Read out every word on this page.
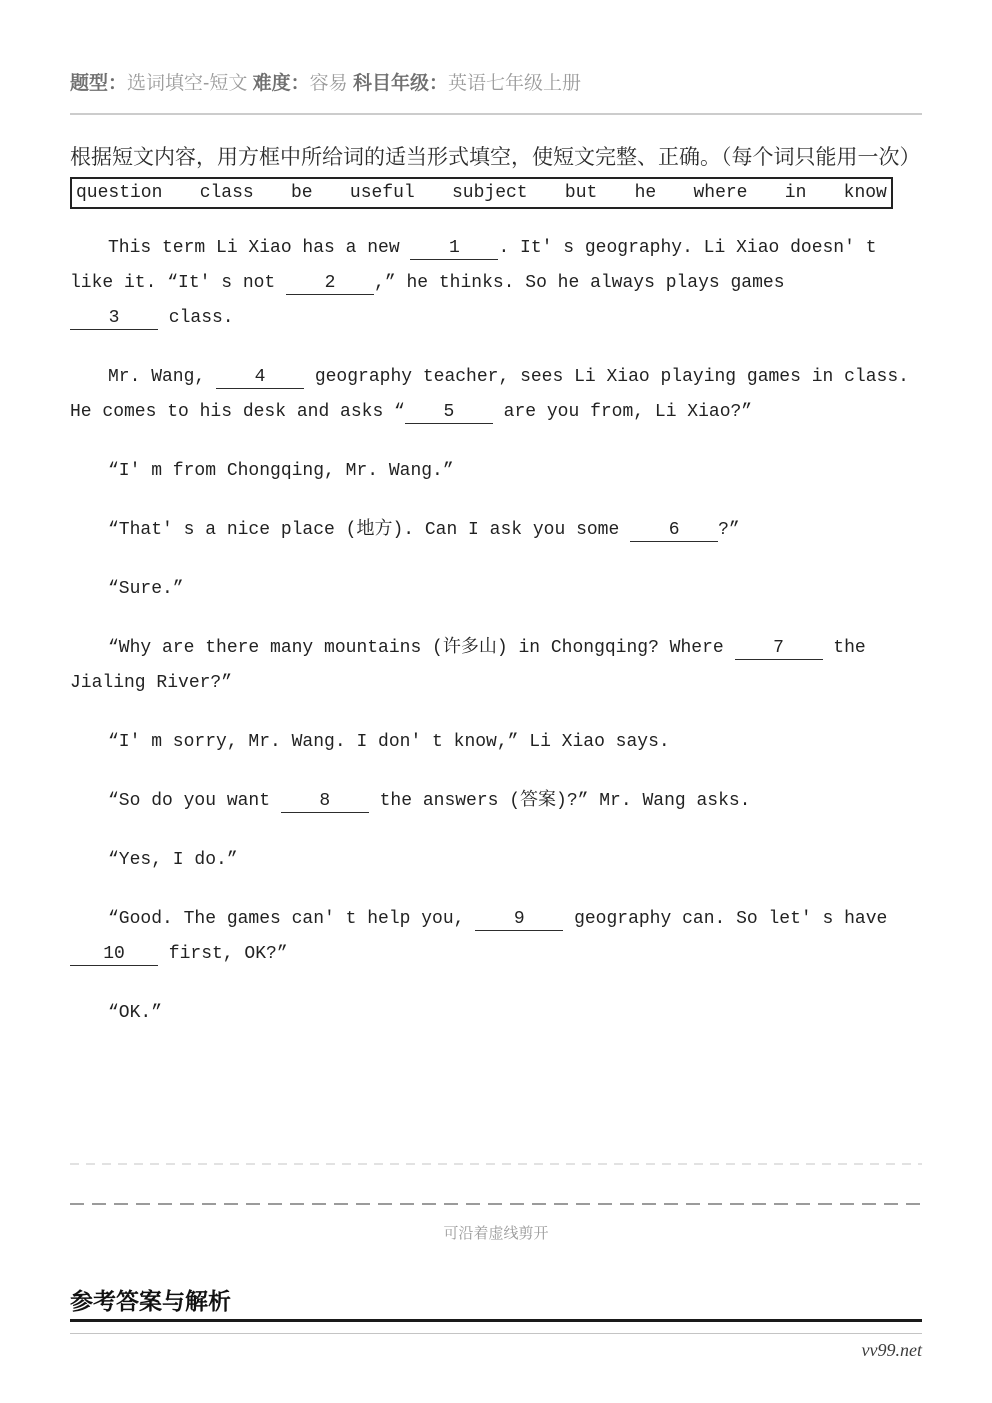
题型：选词填空-短文 难度：容易 科目年级：英语七年级上册
根据短文内容，用方框中所给词的适当形式填空，使短文完整、正确。（每个词只能用一次）
question class be useful subject but he where in know
This term Li Xiao has a new 1 . It' s geography. Li Xiao doesn' t
like it. “It' s not 2 ,” he thinks. So he always plays games
3 class.
Mr. Wang, 4 geography teacher, sees Li Xiao playing games in class.
He comes to his desk and asks “ 5 are you from, Li Xiao?”
“I' m from Chongqing, Mr. Wang.”
“That' s a nice place (地方). Can I ask you some 6 ?”
“Sure.”
“Why are there many mountains (许多山) in Chongqing? Where 7 the
Jialing River?”
“I' m sorry, Mr. Wang. I don' t know,” Li Xiao says.
“So do you want 8 the answers (答案)?” Mr. Wang asks.
“Yes, I do.”
“Good. The games can' t help you, 9 geography can. So let' s have
10 first, OK?”
“OK.”
可沿着虚线剪开
参考答案与解析
vv99.net
